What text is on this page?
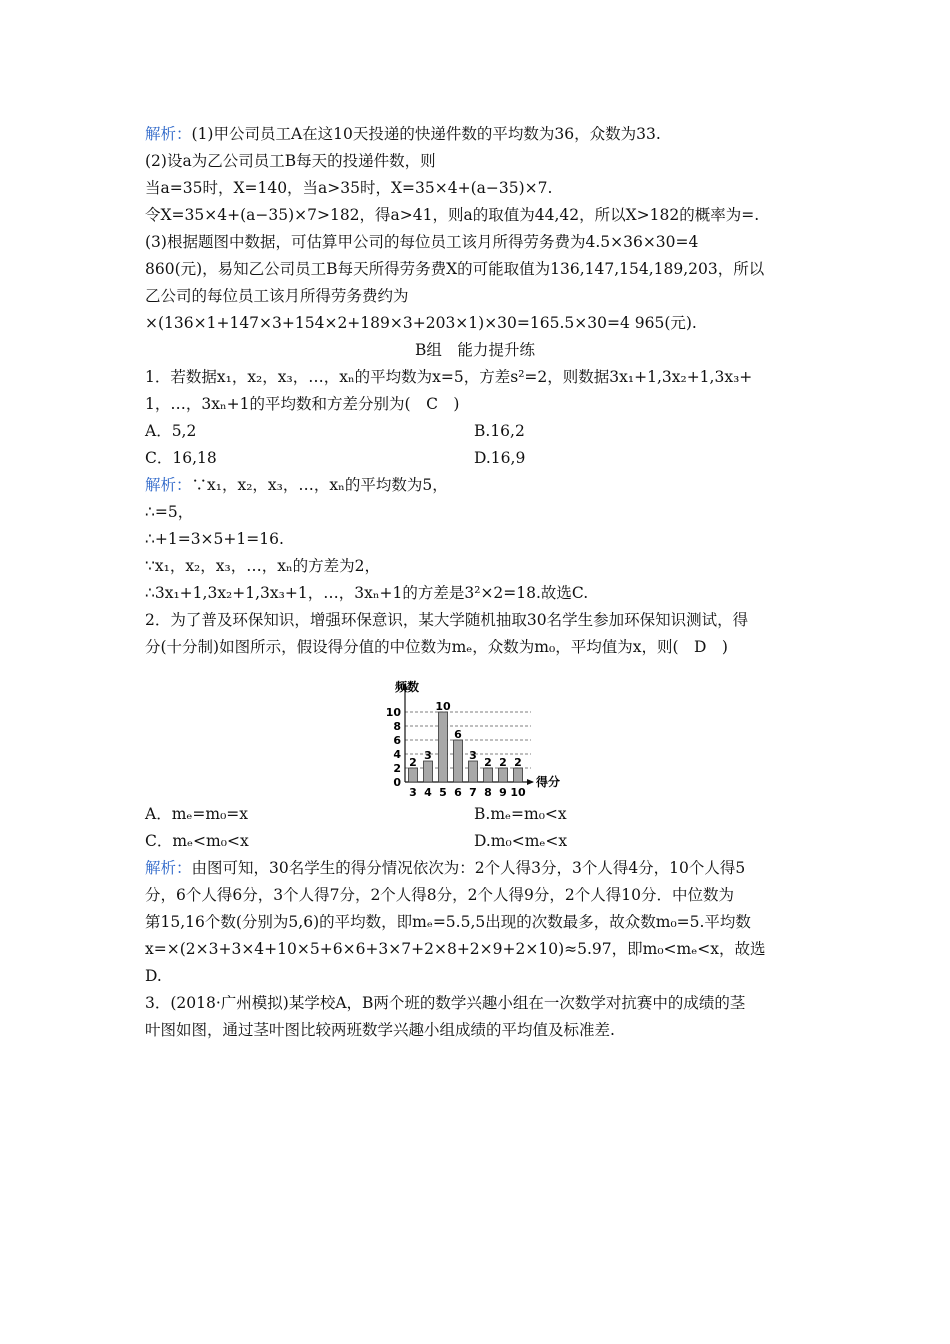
解析：(1)甲公司员工A在这10天投递的快递件数的平均数为36，众数为33.
(2)设a为乙公司员工B每天的投递件数，则
当a=35时，X=140，当a>35时，X=35×4+(a−35)×7.
令X=35×4+(a−35)×7>182，得a>41，则a的取值为44,42，所以X>182的概率为=.
(3)根据题图中数据，可估算甲公司的每位员工该月所得劳务费为4.5×36×30=4
860(元)，易知乙公司员工B每天所得劳务费X的可能取值为136,147,154,189,203，所以
乙公司的每位员工该月所得劳务费约为
×(136×1+147×3+154×2+189×3+203×1)×30=165.5×30=4 965(元).
B组　能力提升练
1．若数据x₁，x₂，x₃，…，xₙ的平均数为x=5，方差s²=2，则数据3x₁+1,3x₂+1,3x₃+
1，…，3xₙ+1的平均数和方差分别为(　C　)
A．5,2	B.16,2
C．16,18	D.16,9
解析：∵x₁，x₂，x₃，…，xₙ的平均数为5，
∴=5，
∴+1=3×5+1=16.
∵x₁，x₂，x₃，…，xₙ的方差为2，
∴3x₁+1,3x₂+1,3x₃+1，…，3xₙ+1的方差是3²×2=18.故选C.
2．为了普及环保知识，增强环保意识，某大学随机抽取30名学生参加环保知识测试，得
分(十分制)如图所示，假设得分值的中位数为mₑ，众数为m₀，平均值为x，则(　D　)
频数
得分
0
2
4
6
8
10
2
3
3
4
10
5
6
6
3
7
2
8
2
9
2
10
A．mₑ=m₀=x	B.mₑ=m₀<x
C．mₑ<m₀<x	D.m₀<mₑ<x
解析：由图可知，30名学生的得分情况依次为：2个人得3分，3个人得4分，10个人得5
分，6个人得6分，3个人得7分，2个人得8分，2个人得9分，2个人得10分．中位数为
第15,16个数(分别为5,6)的平均数，即mₑ=5.5,5出现的次数最多，故众数m₀=5.平均数
x=×(2×3+3×4+10×5+6×6+3×7+2×8+2×9+2×10)≈5.97，即m₀<mₑ<x，故选
D.
3．(2018·广州模拟)某学校A，B两个班的数学兴趣小组在一次数学对抗赛中的成绩的茎
叶图如图，通过茎叶图比较两班数学兴趣小组成绩的平均值及标准差.
